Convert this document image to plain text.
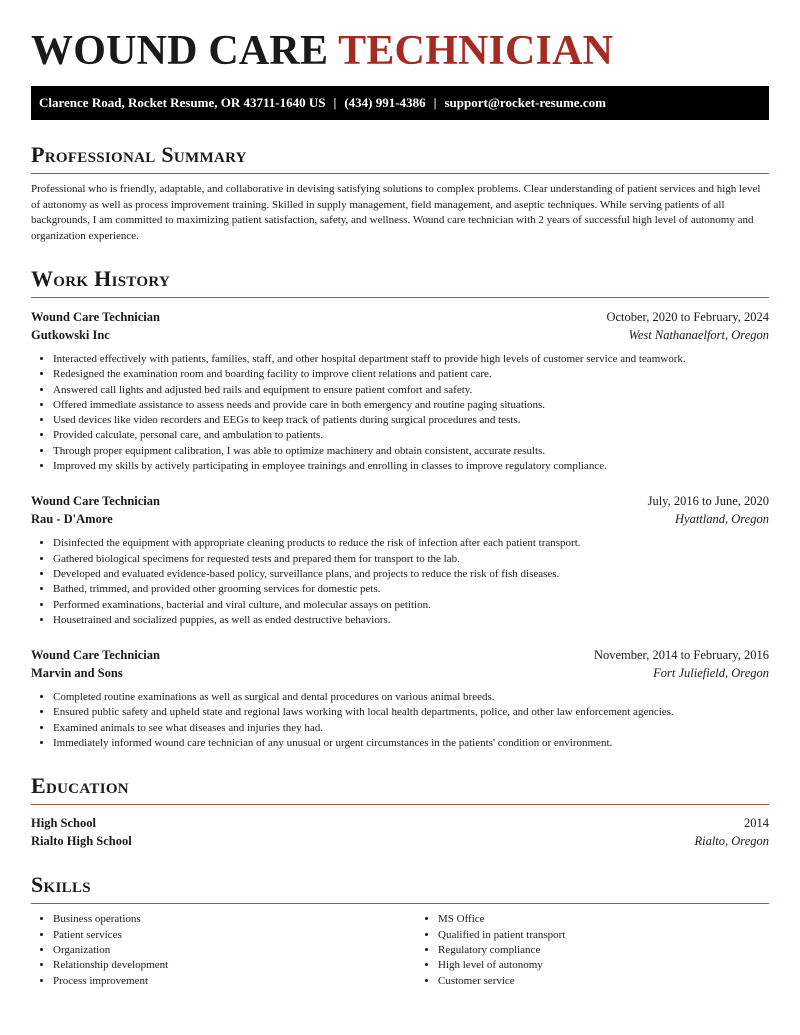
WOUND CARE TECHNICIAN
Clarence Road, Rocket Resume, OR 43711-1640 US | (434) 991-4386 | support@rocket-resume.com
Professional Summary

Professional who is friendly, adaptable, and collaborative in devising satisfying solutions to complex problems. Clear understanding of patient services and high level of autonomy as well as process improvement training. Skilled in supply management, field management, and aseptic techniques. While serving patients of all backgrounds, I am committed to maximizing patient satisfaction, safety, and wellness. Wound care technician with 2 years of successful high level of autonomy and organization experience.

Work History
Wound Care Technician	October, 2020 to February, 2024
Gutkowski Inc	West Nathanaelfort, Oregon
• Interacted effectively with patients, families, staff, and other hospital department staff to provide high levels of customer service and teamwork.
• Redesigned the examination room and boarding facility to improve client relations and patient care.
• Answered call lights and adjusted bed rails and equipment to ensure patient comfort and safety.
• Offered immediate assistance to assess needs and provide care in both emergency and routine paging situations.
• Used devices like video recorders and EEGs to keep track of patients during surgical procedures and tests.
• Provided calculate, personal care, and ambulation to patients.
• Through proper equipment calibration, I was able to optimize machinery and obtain consistent, accurate results.
• Improved my skills by actively participating in employee trainings and enrolling in classes to improve regulatory compliance.
Wound Care Technician	July, 2016 to June, 2020
Rau - D'Amore	Hyattland, Oregon
• Disinfected the equipment with appropriate cleaning products to reduce the risk of infection after each patient transport.
• Gathered biological specimens for requested tests and prepared them for transport to the lab.
• Developed and evaluated evidence-based policy, surveillance plans, and projects to reduce the risk of fish diseases.
• Bathed, trimmed, and provided other grooming services for domestic pets.
• Performed examinations, bacterial and viral culture, and molecular assays on petition.
• Housetrained and socialized puppies, as well as ended destructive behaviors.
Wound Care Technician	November, 2014 to February, 2016
Marvin and Sons	Fort Juliefield, Oregon
• Completed routine examinations as well as surgical and dental procedures on various animal breeds.
• Ensured public safety and upheld state and regional laws working with local health departments, police, and other law enforcement agencies.
• Examined animals to see what diseases and injuries they had.
• Immediately informed wound care technician of any unusual or urgent circumstances in the patients' condition or environment.
Education
High School	2014
Rialto High School	Rialto, Oregon
Skills
• Business operations
• Patient services
• Organization
• Relationship development
• Process improvement
• MS Office
• Qualified in patient transport
• Regulatory compliance
• High level of autonomy
• Customer service
